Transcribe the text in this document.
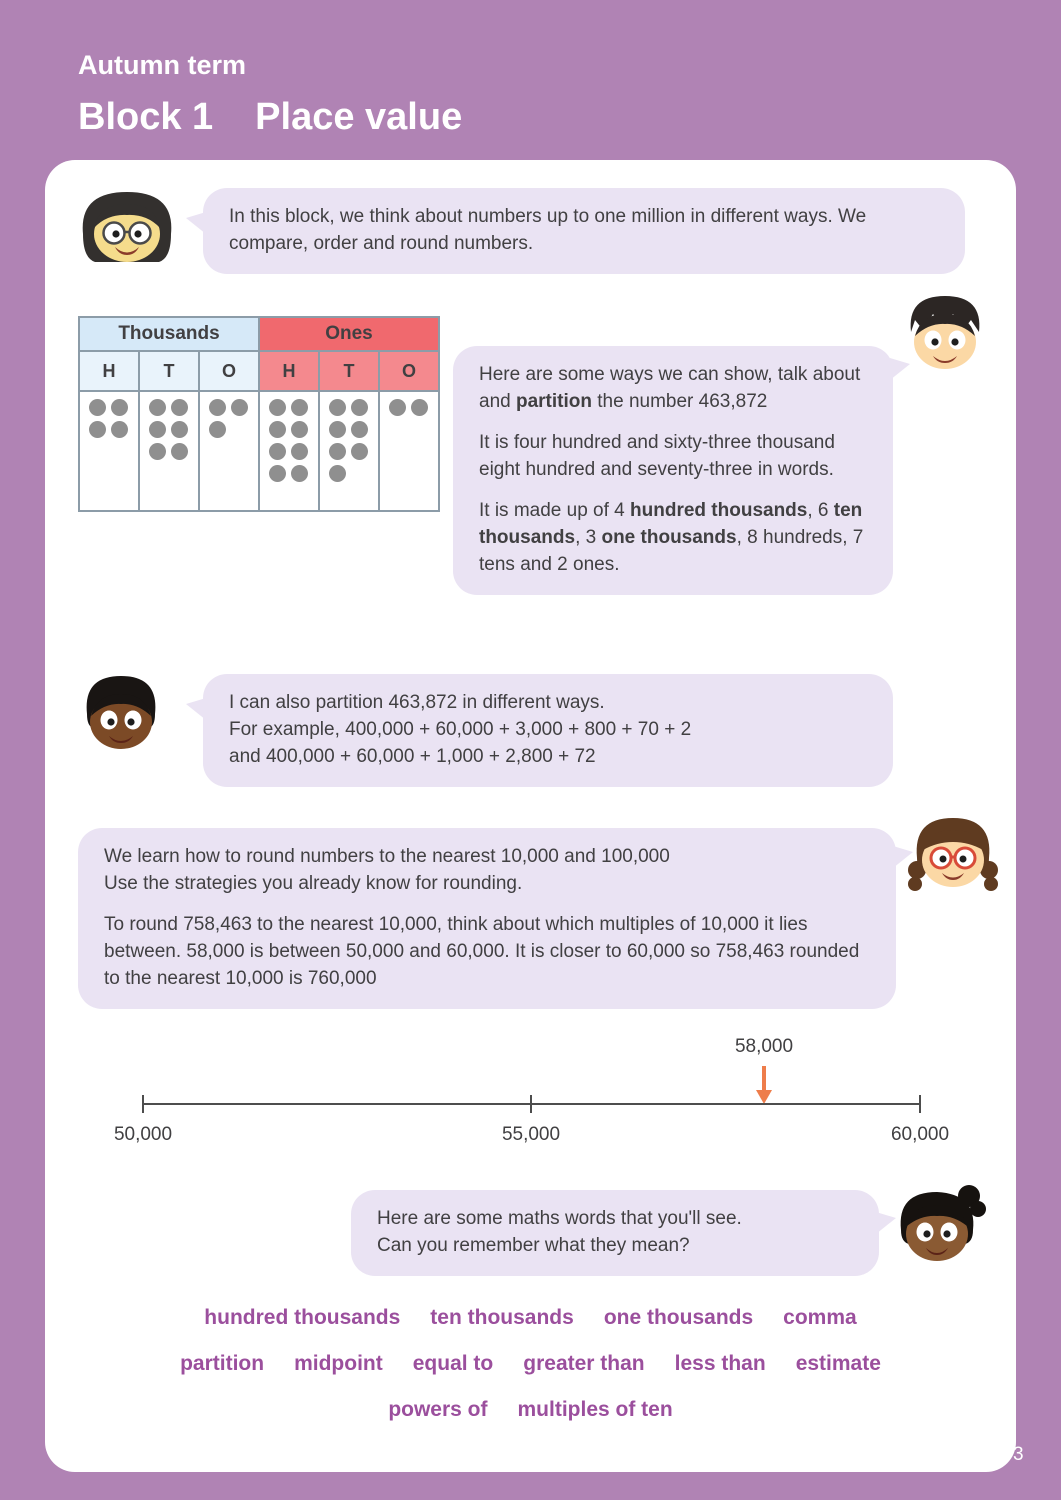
Autumn term
Block 1 Place value
In this block, we think about numbers up to one million in different ways. We compare, order and round numbers.
Thousands			Ones		
H	T	O	H	T	O

		Here are some ways we can show, talk about and partition the number 463,872
It is four hundred and sixty-three thousand eight hundred and seventy-three in words.
It is made up of 4 hundred thousands, 6 ten thousands, 3 one thousands, 8 hundreds, 7 tens and 2 ones.
I can also partition 463,872 in different ways.
For example, 400,000 + 60,000 + 3,000 + 800 + 70 + 2
and 400,000 + 60,000 + 1,000 + 2,800 + 72
We learn how to round numbers to the nearest 10,000 and 100,000
Use the strategies you already know for rounding.
To round 758,463 to the nearest 10,000, think about which multiples of 10,000 it lies between. 58,000 is between 50,000 and 60,000. It is closer to 60,000 so 758,463 rounded to the nearest 10,000 is 760,000
58,000
50,000	55,000	60,000
Here are some maths words that you'll see.
Can you remember what they mean?
hundred thousands ten thousands one thousands comma
partition midpoint equal to greater than less than estimate
powers of multiples of ten
3
